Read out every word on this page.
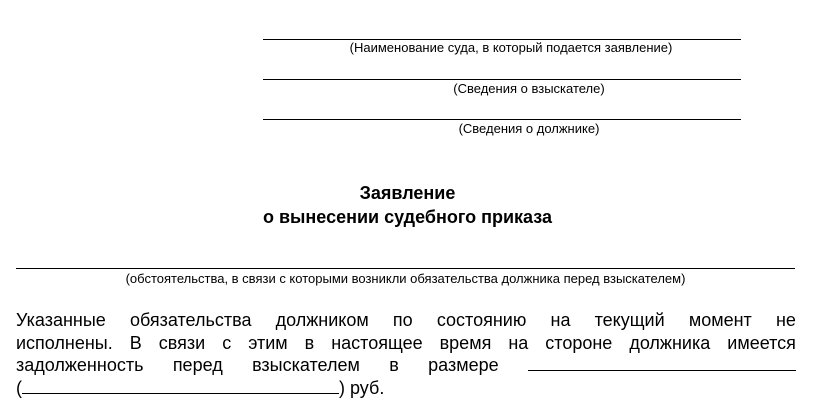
(Наименование суда, в который подается заявление)
(Сведения о взыскателе)
(Сведения о должнике)
Заявление
о вынесении судебного приказа
(обстоятельства, в связи с которыми возникли обязательства должника перед взыскателем)
Указанные обязательства должником по состоянию на текущий момент не
исполнены. В связи с этим в настоящее время на стороне должника имеется
задолженность перед взыскателем в размере
(	) руб.
